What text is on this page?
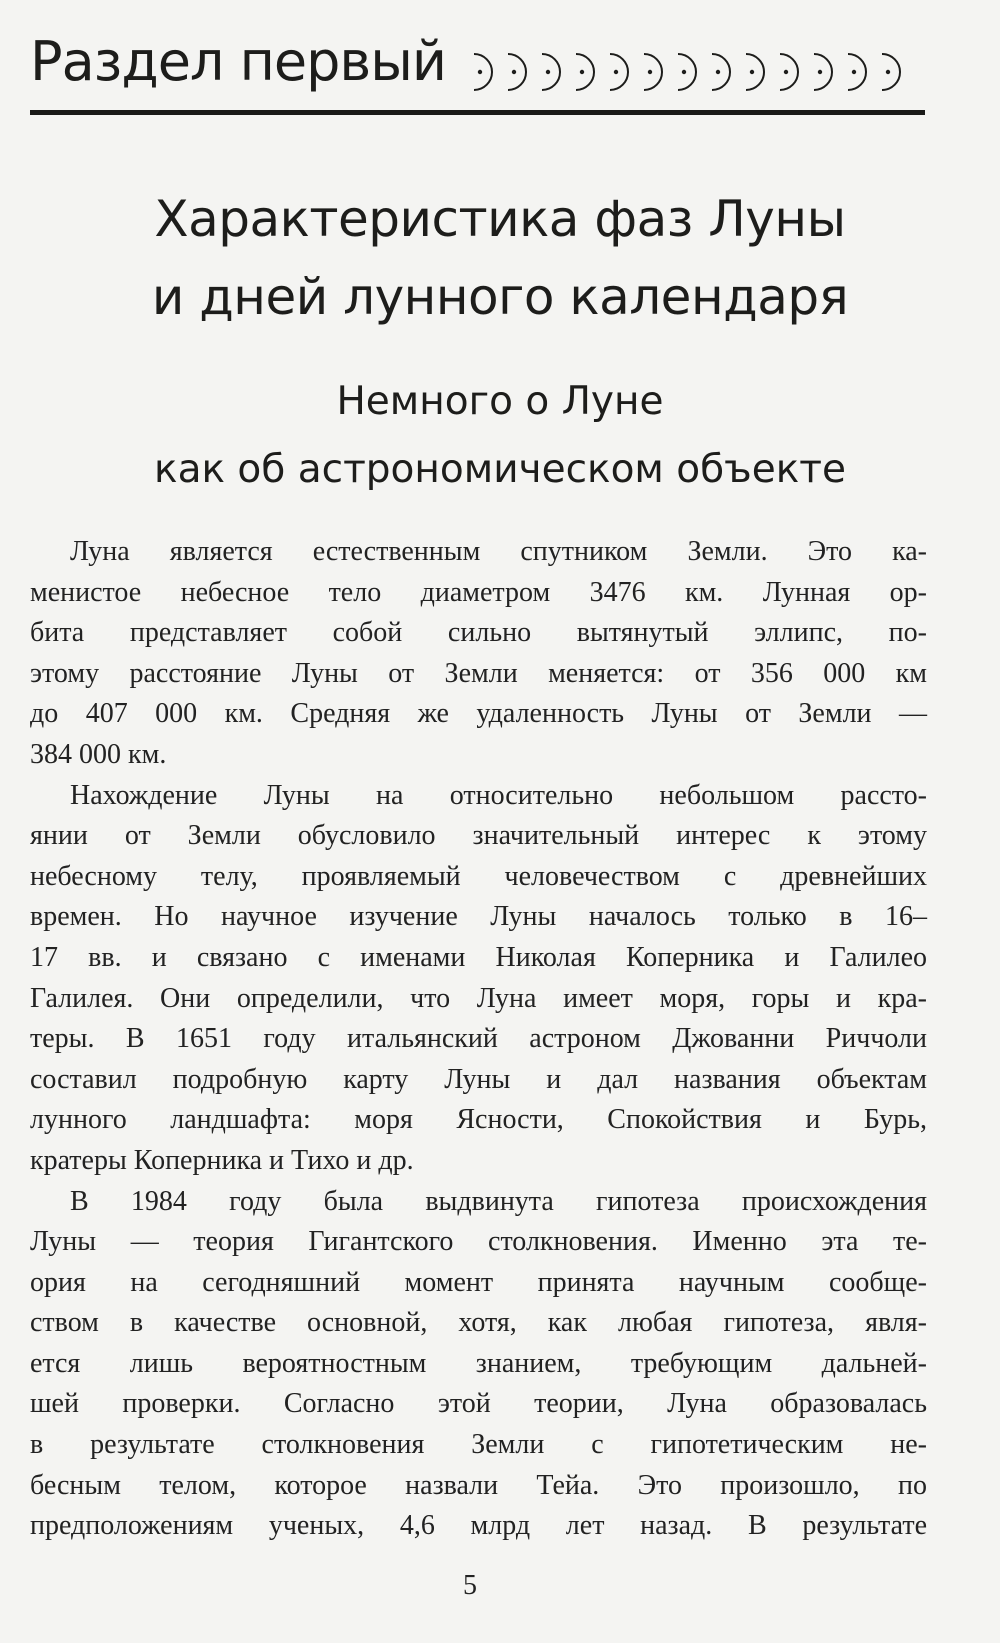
Раздел первый
Характеристика фаз Луны
и дней лунного календаря
Немного о Луне
как об астрономическом объекте

Луна является естественным спутником Земли. Это ка-
менистое небесное тело диаметром 3476 км. Лунная ор-
бита представляет собой сильно вытянутый эллипс, по-
этому расстояние Луны от Земли меняется: от 356 000 км
до 407 000 км. Средняя же удаленность Луны от Земли —
384 000 км.

Нахождение Луны на относительно небольшом рассто-
янии от Земли обусловило значительный интерес к этому
небесному телу, проявляемый человечеством с древнейших
времен. Но научное изучение Луны началось только в 16–
17 вв. и связано с именами Николая Коперника и Галилео
Галилея. Они определили, что Луна имеет моря, горы и кра-
теры. В 1651 году итальянский астроном Джованни Риччоли
составил подробную карту Луны и дал названия объектам
лунного ландшафта: моря Ясности, Спокойствия и Бурь,
кратеры Коперника и Тихо и др.

В 1984 году была выдвинута гипотеза происхождения
Луны — теория Гигантского столкновения. Именно эта те-
ория на сегодняшний момент принята научным сообще-
ством в качестве основной, хотя, как любая гипотеза, явля-
ется лишь вероятностным знанием, требующим дальней-
шей проверки. Согласно этой теории, Луна образовалась
в результате столкновения Земли с гипотетическим не-
бесным телом, которое назвали Тейа. Это произошло, по
предположениям ученых, 4,6 млрд лет назад. В результате

5
